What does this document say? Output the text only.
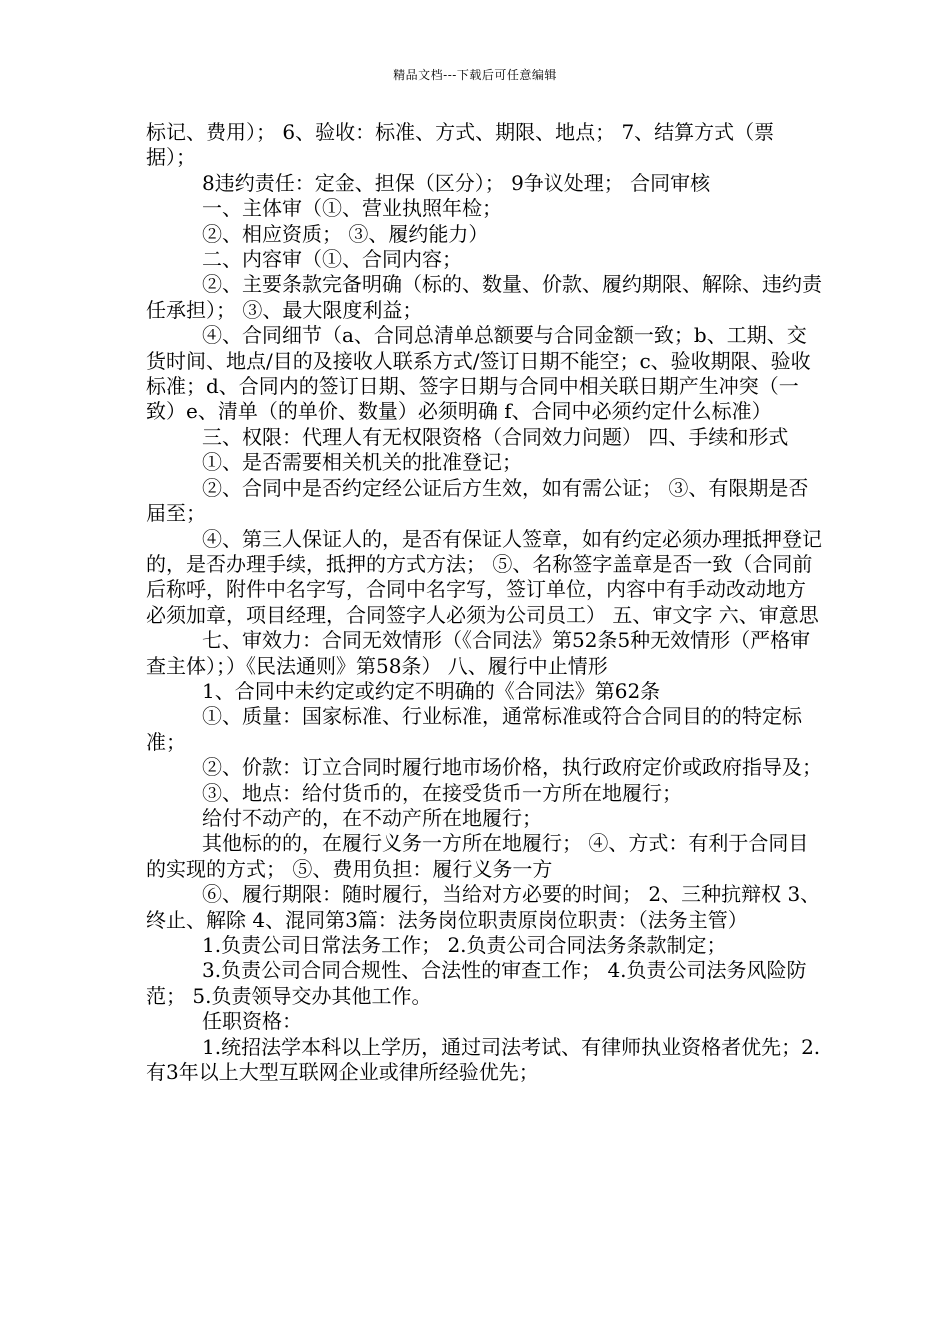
精品文档---下载后可任意编辑

标记、费用）； 6、验收：标准、方式、期限、地点； 7、结算方式（票据）；

8违约责任：定金、担保（区分）； 9争议处理； 合同审核

一、主体审（①、营业执照年检；

②、相应资质； ③、履约能力）

二、内容审（①、合同内容；

②、主要条款完备明确（标的、数量、价款、履约期限、解除、违约责任承担）； ③、最大限度利益；

④、合同细节（a、合同总清单总额要与合同金额一致；b、工期、交货时间、地点/目的及接收人联系方式/签订日期不能空；c、验收期限、验收标准；d、合同内的签订日期、签字日期与合同中相关联日期产生冲突（一致）e、清单（的单价、数量）必须明确 f、合同中必须约定什么标准）

三、权限：代理人有无权限资格（合同效力问题） 四、手续和形式

①、是否需要相关机关的批准登记；

②、合同中是否约定经公证后方生效，如有需公证； ③、有限期是否届至；

④、第三人保证人的，是否有保证人签章，如有约定必须办理抵押登记的，是否办理手续，抵押的方式方法； ⑤、名称签字盖章是否一致（合同前后称呼，附件中名字写，合同中名字写，签订单位，内容中有手动改动地方必须加章，项目经理，合同签字人必须为公司员工） 五、审文字 六、审意思

七、审效力：合同无效情形（《合同法》第52条5种无效情形（严格审查主体）；）《民法通则》第58条） 八、履行中止情形

1、合同中未约定或约定不明确的《合同法》第62条

①、质量：国家标准、行业标准，通常标准或符合合同目的的特定标准；

②、价款：订立合同时履行地市场价格，执行政府定价或政府指导及；

③、地点：给付货币的，在接受货币一方所在地履行；

给付不动产的，在不动产所在地履行；

其他标的的，在履行义务一方所在地履行； ④、方式：有利于合同目的实现的方式； ⑤、费用负担：履行义务一方

⑥、履行期限：随时履行，当给对方必要的时间； 2、三种抗辩权 3、终止、解除 4、混同第3篇：法务岗位职责原岗位职责：（法务主管）

1.负责公司日常法务工作； 2.负责公司合同法务条款制定；

3.负责公司合同合规性、合法性的审查工作； 4.负责公司法务风险防范； 5.负责领导交办其他工作。

任职资格：

1.统招法学本科以上学历，通过司法考试、有律师执业资格者优先；2.有3年以上大型互联网企业或律所经验优先；
